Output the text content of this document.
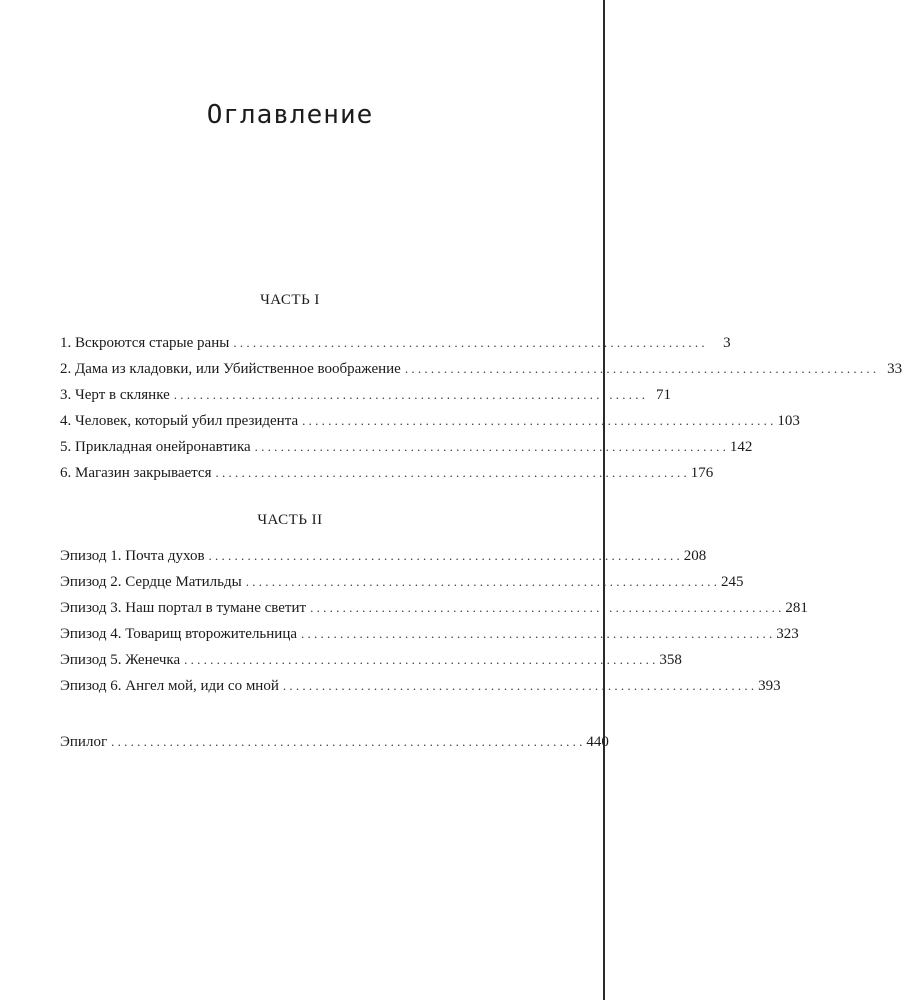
Оглавление
ЧАСТЬ I
1. Вскроются старые раны . . .	3
2. Дама из кладовки, или Убийственное воображение . . .	33
3. Черт в склянке . . .	71
4. Человек, который убил президента . . .	103
5. Прикладная онейронавтика . . .	142
6. Магазин закрывается . . .	176
ЧАСТЬ II
Эпизод 1. Почта духов . . .	208
Эпизод 2. Сердце Матильды . . .	245
Эпизод 3. Наш портал в тумане светит . . .	281
Эпизод 4. Товарищ второжительница . . .	323
Эпизод 5. Женечка . . .	358
Эпизод 6. Ангел мой, иди со мной . . .	393
Эпилог . . .	440
